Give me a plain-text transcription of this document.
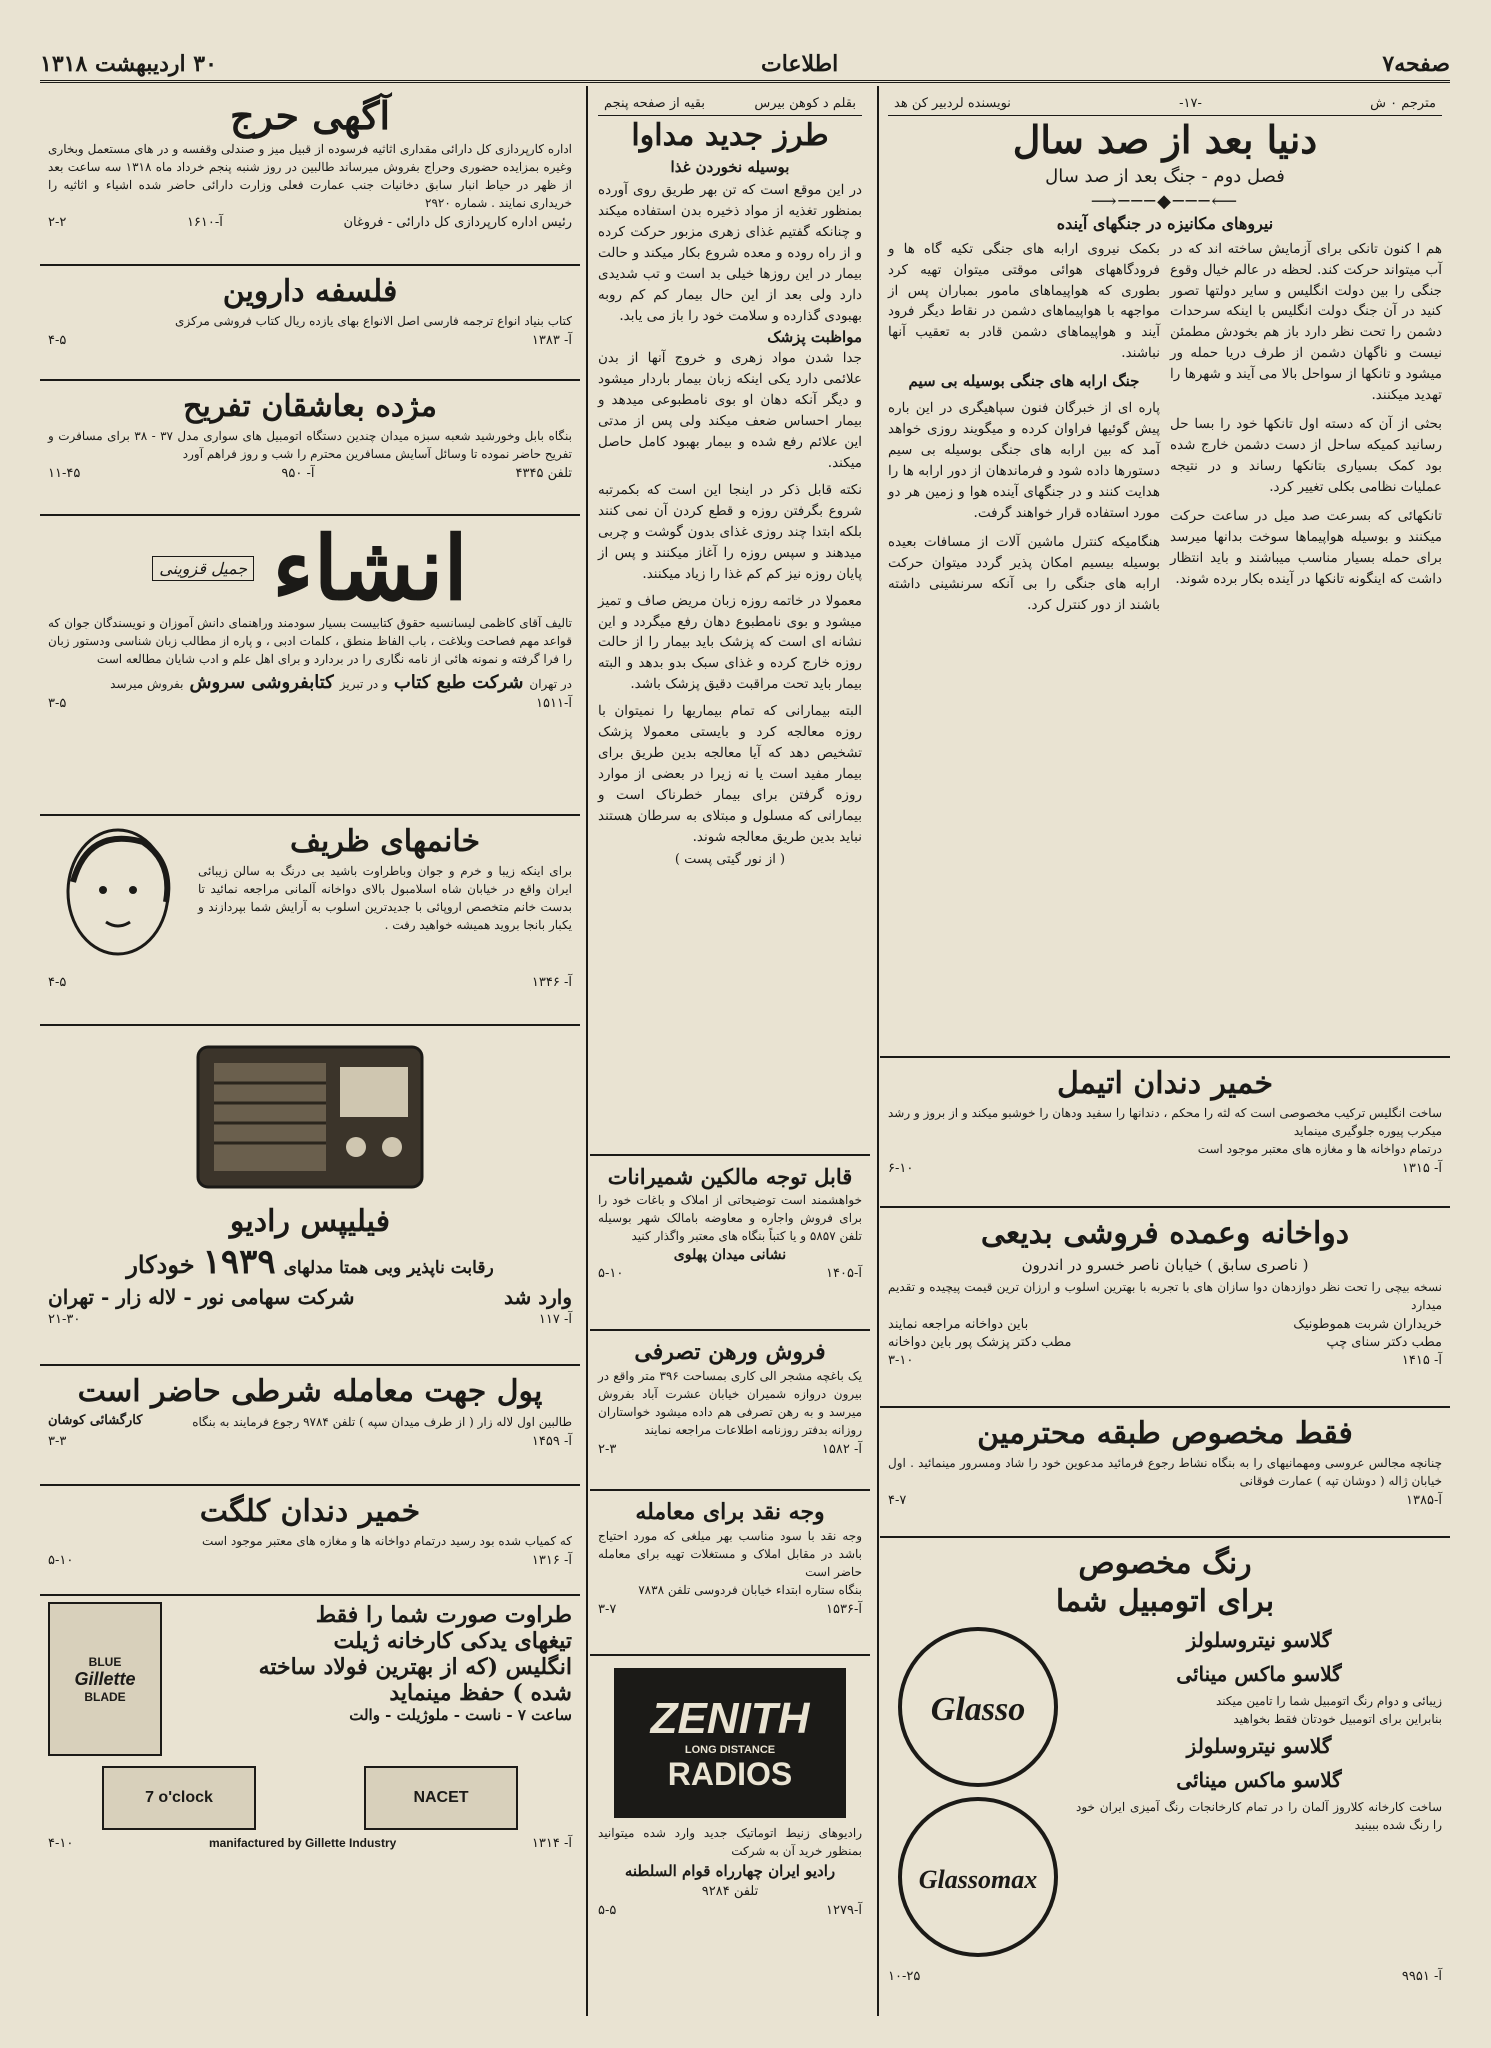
صفحه۷
اطلاعات
۳۰ اردیبهشت ۱۳۱۸
مترجم ۰ ش
-۱۷-
نویسنده لردبیر کن هد
دنیا بعد از صد سال
فصل دوم - جنگ بعد از صد سال
⟵───◆───⟶
نیروهای مکانیزه در جنگهای آینده

هم ا کنون تانکی برای آزمایش ساخته اند که در آب میتواند حرکت کند. لحظه در عالم خیال وقوع جنگی را بین دولت انگلیس و سایر دولتها تصور کنید در آن جنگ دولت انگلیس با اینکه سرحدات دشمن را تحت نظر دارد باز هم بخودش مطمئن نیست و ناگهان دشمن از طرف دریا حمله ور میشود و تانکها از سواحل بالا می آیند و شهرها را تهدید میکنند.

بحثی از آن که دسته اول تانکها خود را بسا حل رسانید کمیکه ساحل از دست دشمن خارج شده بود کمک بسیاری بتانکها رساند و در نتیجه عملیات نظامی بکلی تغییر کرد.

تانکهائی که بسرعت صد میل در ساعت حرکت میکنند و بوسیله هواپیماها سوخت بدانها میرسد برای حمله بسیار مناسب میباشند و باید انتظار داشت که اینگونه تانکها در آینده بکار برده شوند.

بکمک نیروی ارابه های جنگی تکیه گاه ها و فرودگاههای هوائی موقتی میتوان تهیه کرد بطوری که هواپیماهای مامور بمباران پس از مواجهه با هواپیماهای دشمن در نقاط دیگر فرود آیند و هواپیماهای دشمن قادر به تعقیب آنها نباشند.

جنگ ارابه های جنگی بوسیله بی سیم

پاره ای از خبرگان فنون سپاهیگری در این باره پیش گوئیها فراوان کرده و میگویند روزی خواهد آمد که بین ارابه های جنگی بوسیله بی سیم دستورها داده شود و فرماندهان از دور ارابه ها را هدایت کنند و در جنگهای آینده هوا و زمین هر دو مورد استفاده قرار خواهند گرفت.

هنگامیکه کنترل ماشین آلات از مسافات بعیده بوسیله بیسیم امکان پذیر گردد میتوان حرکت ارابه های جنگی را بی آنکه سرنشینی داشته باشند از دور کنترل کرد.

خمیر دندان اتیمل

ساخت انگلیس ترکیب مخصوصی است که لثه را محکم ، دندانها را سفید ودهان را خوشبو میکند و از بروز و رشد میکرب پیوره جلوگیری مینماید

درتمام دواخانه ها و مغازه های معتبر موجود است

آ- ۱۳۱۵
۶-۱۰
دواخانه وعمده فروشی بدیعی
( ناصری سابق ) خیابان ناصر خسرو در اندرون

نسخه بیچی را تحت نظر دوازدهان دوا سازان های با تجربه با بهترین اسلوب و ارزان ترین قیمت پیچیده و تقدیم میدارد

خریداران شربت هموطونیک
باین دواخانه مراجعه نمایند
مطب دکتر سنای چپ
مطب دکتر پزشک پور باین دواخانه
آ- ۱۴۱۵
۳-۱۰
فقط مخصوص طبقه محترمین

چنانچه مجالس عروسی ومهمانیهای را به بنگاه نشاط رجوع فرمائید مدعوین خود را شاد ومسرور مینمائید . اول خیابان ژاله ( دوشان تپه ) عمارت فوقانی

آ-۱۳۸۵
۴-۷
رنگ مخصوص
برای اتومبیل شما
گلاسو نیتروسلولز
گلاسو ماکس مینائی

زیبائی و دوام رنگ اتومبیل شما را تامین میکند

بنابراین برای اتومبیل خودتان فقط بخواهید

گلاسو نیتروسلولز
گلاسو ماکس مینائی

ساخت کارخانه کلاروز آلمان را در تمام کارخانجات رنگ آمیزی ایران خود را رنگ شده ببینید

Glasso
Glassomax
آ- ۹۹۵۱
۱۰-۲۵
بقلم د کوهن بیرس
بقیه از صفحه پنجم
طرز جدید مداوا
بوسیله نخوردن غذا

در این موقع است که تن بهر طریق روی آورده بمنظور تغذیه از مواد ذخیره بدن استفاده میکند و چنانکه گفتیم غذای زهری مزبور حرکت کرده و از راه روده و معده شروع بکار میکند و حالت بیمار در این روزها خیلی بد است و تب شدیدی دارد ولی بعد از این حال بیمار کم کم روبه بهبودی گذارده و سلامت خود را باز می یابد.

مواظبت پزشک

جدا شدن مواد زهری و خروج آنها از بدن علائمی دارد یکی اینکه زبان بیمار باردار میشود و دیگر آنکه دهان او بوی نامطبوعی میدهد و بیمار احساس ضعف میکند ولی پس از مدتی این علائم رفع شده و بیمار بهبود کامل حاصل میکند.

نکته قابل ذکر در اینجا این است که بکمرتبه شروع بگرفتن روزه و قطع کردن آن نمی کنند بلکه ابتدا چند روزی غذای بدون گوشت و چربی میدهند و سپس روزه را آغاز میکنند و پس از پایان روزه نیز کم کم غذا را زیاد میکنند.

معمولا در خاتمه روزه زبان مریض صاف و تمیز میشود و بوی نامطبوع دهان رفع میگردد و این نشانه ای است که پزشک باید بیمار را از حالت روزه خارج کرده و غذای سبک بدو بدهد و البته بیمار باید تحت مراقبت دقیق پزشک باشد.

البته بیمارانی که تمام بیماریها را نمیتوان با روزه معالجه کرد و بایستی معمولا پزشک تشخیص دهد که آیا معالجه بدین طریق برای بیمار مفید است یا نه زیرا در بعضی از موارد روزه گرفتن برای بیمار خطرناک است و بیمارانی که مسلول و مبتلای به سرطان هستند نباید بدین طریق معالجه شوند.

( از نور گیتی پست )
قابل توجه مالکین شمیرانات

خواهشمند است توضیحاتی از املاک و باغات خود را برای فروش واجاره و معاوضه بامالک شهر بوسیله تلفن ۵۸۵۷ و یا کتباً بنگاه های معتبر واگذار کنید

نشانی میدان پهلوی
آ-۱۴۰۵
۵-۱۰
فروش ورهن تصرفی

یک باغچه مشجر الی کاری بمساحت ۳۹۶ متر واقع در بیرون دروازه شمیران خیابان عشرت آباد بفروش میرسد و به رهن تصرفی هم داده میشود خواستاران روزانه بدفتر روزنامه اطلاعات مراجعه نمایند

آ- ۱۵۸۲
۲-۳
وجه نقد برای معامله

وجه نقد با سود مناسب بهر میلغی که مورد احتیاج باشد در مقابل املاک و مستغلات تهیه برای معامله حاضر است

بنگاه ستاره ابتداء خیابان فردوسی تلفن ۷۸۳۸

آ-۱۵۳۶
۳-۷
ZENITH
LONG DISTANCE
RADIOS

رادیوهای زنیط اتوماتیک جدید وارد شده میتوانید بمنظور خرید آن به شرکت

رادیو ایران چهارراه قوام السلطنه
تلفن ۹۲۸۴
آ-۱۲۷۹
۵-۵
آگهی حرج

اداره کارپردازی کل دارائی مقداری اثاثیه فرسوده از قبیل میز و صندلی وقفسه و در های مستعمل وبخاری وغیره بمزایده حضوری وحراج بفروش میرساند طالبین در روز شنبه پنجم خرداد ماه ۱۳۱۸ سه ساعت بعد از ظهر در حیاط انبار سابق دخانیات جنب عمارت فعلی وزارت دارائی حاضر شده اشیاء و اثاثیه را خریداری نمایند . شماره ۲۹۲۰

رئیس اداره کارپردازی کل دارائی - فروغان
آ-۱۶۱۰
۲-۲
فلسفه داروین

کتاب بنیاد انواع ترجمه فارسی اصل الانواع بهای یازده ریال کتاب فروشی مرکزی

آ- ۱۳۸۳
۴-۵
مژده بعاشقان تفریح

بنگاه بابل وخورشید شعبه سبزه میدان چندین دستگاه اتومبیل های سواری مدل ۳۷ - ۳۸ برای مسافرت و تفریح حاضر نموده تا وسائل آسایش مسافرین محترم را شب و روز فراهم آورد

تلفن ۴۳۴۵
آ- ۹۵۰
۱۱-۴۵
انشاء
جمیل قزوینی

تالیف آقای کاظمی لیسانسیه حقوق کتابیست بسیار سودمند وراهنمای دانش آموزان و نویسندگان جوان که قواعد مهم فصاحت وبلاغت ، باب الفاظ منطق ، کلمات ادبی ، و پاره از مطالب زبان شناسی ودستور زبان را فرا گرفته و نمونه هائی از نامه نگاری را در بردارد و برای اهل علم و ادب شایان مطالعه است

در تهران
شرکت طبع کتاب
و در تبریز
کتابفروشی سروش
بفروش میرسد
آ-۱۵۱۱
۳-۵
خانمهای ظریف

برای اینکه زیبا و خرم و جوان وباطراوت باشید بی درنگ به سالن زیبائی ایران واقع در خیابان شاه اسلامبول بالای دواخانه آلمانی مراجعه نمائید تا بدست خانم متخصص اروپائی با جدیدترین اسلوب به آرایش شما بپردازند و یکبار بانجا بروید همیشه خواهید رفت .

آ- ۱۳۴۶
۴-۵
فیلیپس رادیو
رقابت ناپذیر وبی همتا مدلهای
۱۹۳۹
خودکار
وارد شد
شرکت سهامی نور - لاله زار - تهران
آ- ۱۱۷
۲۱-۳۰
پول جهت معامله شرطی حاضر است
طالبین اول لاله زار ( از طرف میدان سپه ) تلفن ۹۷۸۴ رجوع فرمایند به بنگاه
کارگشائی کوشان
آ- ۱۴۵۹
۳-۳
خمیر دندان کلگت

که کمیاب شده بود رسید درتمام دواخانه ها و مغازه های معتبر موجود است

آ- ۱۳۱۶
۵-۱۰
طراوت صورت شما را فقط
تیغهای یدکی کارخانه ژیلت
انگلیس (که از بهترین فولاد ساخته
شده ) حفظ مینماید
ساعت ۷ - ناست - ملوژیلت - والت
BLUE
Gillette
BLADE
7 o'clock	NACET
آ- ۱۳۱۴
manifactured by Gillette Industry
۴-۱۰
